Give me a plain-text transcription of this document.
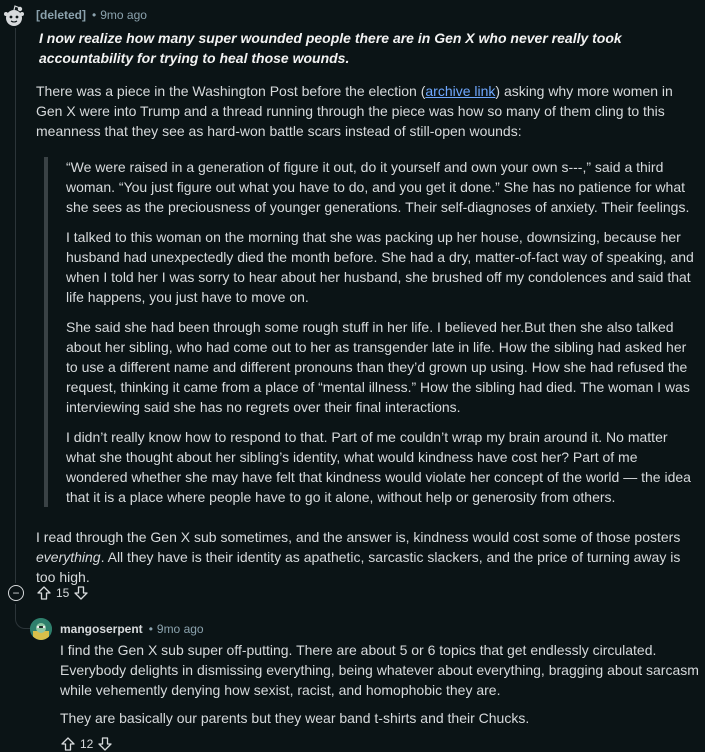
[deleted] • 9mo ago

I now realize how many super wounded people there are in Gen X who never really took accountability for trying to heal those wounds.

There was a piece in the Washington Post before the election (archive link) asking why more women in Gen X were into Trump and a thread running through the piece was how so many of them cling to this meanness that they see as hard-won battle scars instead of still-open wounds:

“We were raised in a generation of figure it out, do it yourself and own your own s---,” said a third woman. “You just figure out what you have to do, and you get it done.” She has no patience for what she sees as the preciousness of younger generations. Their self-diagnoses of anxiety. Their feelings.

I talked to this woman on the morning that she was packing up her house, downsizing, because her husband had unexpectedly died the month before. She had a dry, matter-of-fact way of speaking, and when I told her I was sorry to hear about her husband, she brushed off my condolences and said that life happens, you just have to move on.

She said she had been through some rough stuff in her life. I believed her.But then she also talked about her sibling, who had come out to her as transgender late in life. How the sibling had asked her to use a different name and different pronouns than they’d grown up using. How she had refused the request, thinking it came from a place of “mental illness.” How the sibling had died. The woman I was interviewing said she has no regrets over their final interactions.

I didn’t really know how to respond to that. Part of me couldn’t wrap my brain around it. No matter what she thought about her sibling’s identity, what would kindness have cost her? Part of me wondered whether she may have felt that kindness would violate her concept of the world — the idea that it is a place where people have to go it alone, without help or generosity from others.

I read through the Gen X sub sometimes, and the answer is, kindness would cost some of those posters everything. All they have is their identity as apathetic, sarcastic slackers, and the price of turning away is too high.

−	15
mangoserpent • 9mo ago

I find the Gen X sub super off-putting. There are about 5 or 6 topics that get endlessly circulated. Everybody delights in dismissing everything, being whatever about everything, bragging about sarcasm while vehemently denying how sexist, racist, and homophobic they are.

They are basically our parents but they wear band t-shirts and their Chucks.

12
